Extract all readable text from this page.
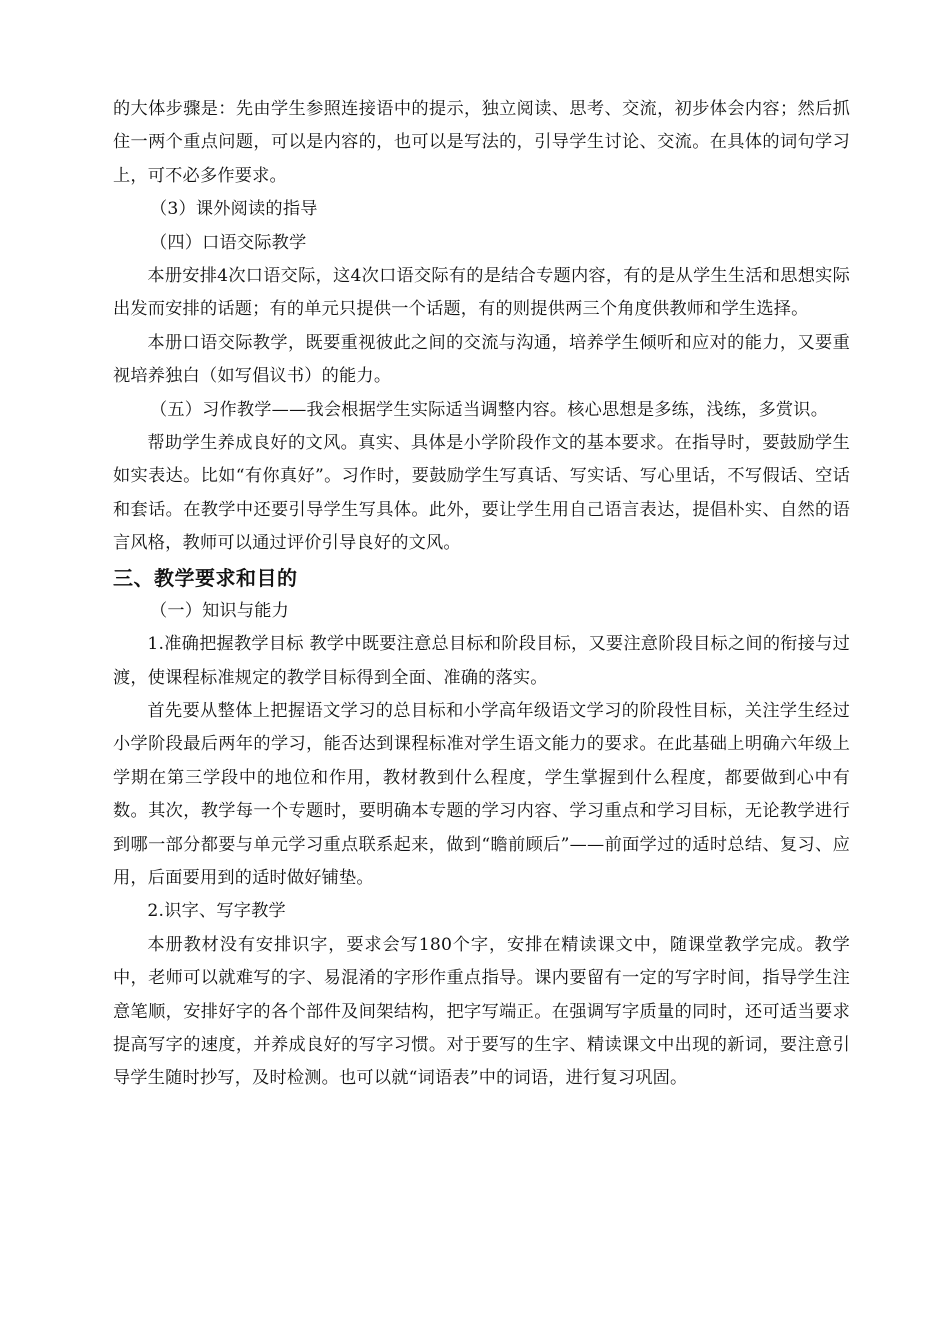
的大体步骤是：先由学生参照连接语中的提示，独立阅读、思考、交流，初步体会内容；然后抓住一两个重点问题，可以是内容的，也可以是写法的，引导学生讨论、交流。在具体的词句学习上，可不必多作要求。

（3）课外阅读的指导

（四）口语交际教学

本册安排4次口语交际，这4次口语交际有的是结合专题内容，有的是从学生生活和思想实际出发而安排的话题；有的单元只提供一个话题，有的则提供两三个角度供教师和学生选择。

本册口语交际教学，既要重视彼此之间的交流与沟通，培养学生倾听和应对的能力，又要重视培养独白（如写倡议书）的能力。

（五）习作教学——我会根据学生实际适当调整内容。核心思想是多练，浅练，多赏识。

帮助学生养成良好的文风。真实、具体是小学阶段作文的基本要求。在指导时，要鼓励学生如实表达。比如“有你真好”。习作时，要鼓励学生写真话、写实话、写心里话，不写假话、空话和套话。在教学中还要引导学生写具体。此外，要让学生用自己语言表达，提倡朴实、自然的语言风格，教师可以通过评价引导良好的文风。

三、教学要求和目的

（一）知识与能力

1.准确把握教学目标 教学中既要注意总目标和阶段目标，又要注意阶段目标之间的衔接与过渡，使课程标准规定的教学目标得到全面、准确的落实。

首先要从整体上把握语文学习的总目标和小学高年级语文学习的阶段性目标，关注学生经过小学阶段最后两年的学习，能否达到课程标准对学生语文能力的要求。在此基础上明确六年级上学期在第三学段中的地位和作用，教材教到什么程度，学生掌握到什么程度，都要做到心中有数。其次，教学每一个专题时，要明确本专题的学习内容、学习重点和学习目标，无论教学进行到哪一部分都要与单元学习重点联系起来，做到“瞻前顾后”——前面学过的适时总结、复习、应用，后面要用到的适时做好铺垫。

2.识字、写字教学

本册教材没有安排识字，要求会写180个字，安排在精读课文中，随课堂教学完成。教学中，老师可以就难写的字、易混淆的字形作重点指导。课内要留有一定的写字时间，指导学生注意笔顺，安排好字的各个部件及间架结构，把字写端正。在强调写字质量的同时，还可适当要求提高写字的速度，并养成良好的写字习惯。对于要写的生字、精读课文中出现的新词，要注意引导学生随时抄写，及时检测。也可以就“词语表”中的词语，进行复习巩固。
